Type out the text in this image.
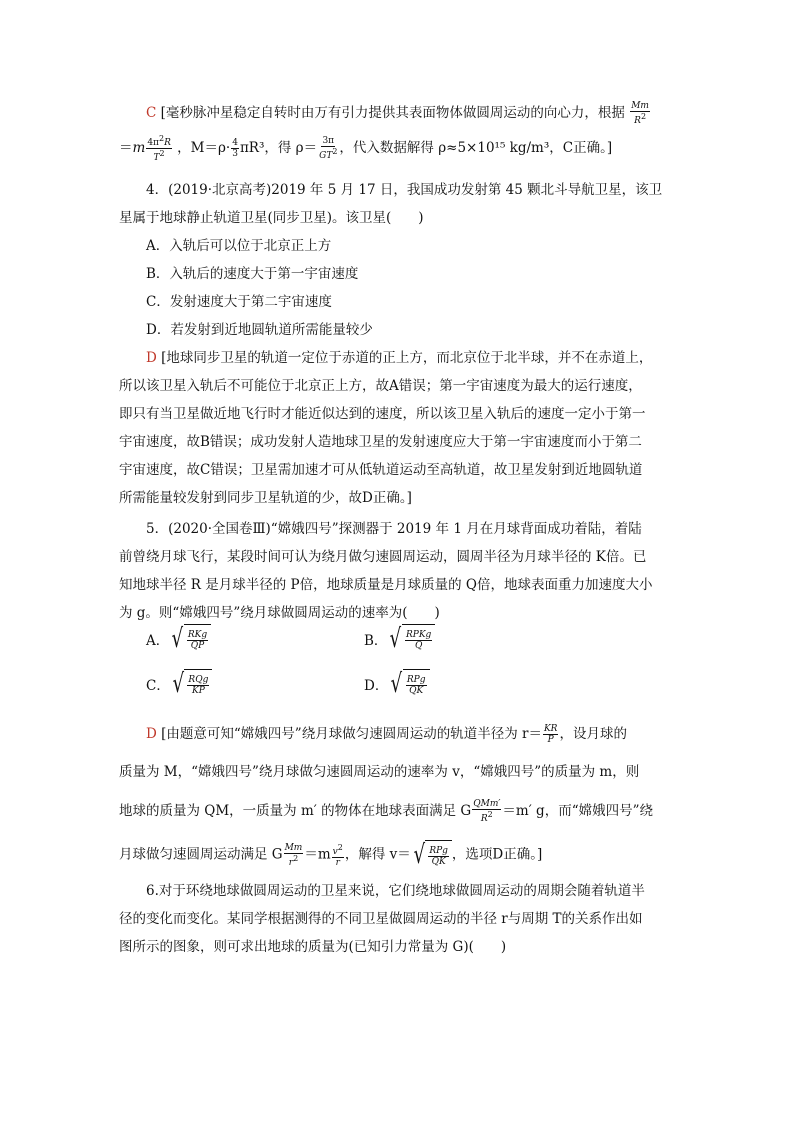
C [毫秒脉冲星稳定自转时由万有引力提供其表面物体做圆周运动的向心力，根据 $\frac{Mm}{R^2}$
$=m \frac{4\pi^2R}{T^2}$ ，$M=\rho\cdot \frac{4}{3} \pi R^3$，得 $\rho= \frac{3\pi}{GT^2}$ ，代入数据解得 ρ≈5×10¹⁵ kg/m³，C正确。]
4．(2019·北京高考)2019 年 5 月 17 日，我国成功发射第 45 颗北斗导航卫星，该卫
星属于地球静止轨道卫星(同步卫星)。该卫星(　　)
A．入轨后可以位于北京正上方
B．入轨后的速度大于第一宇宙速度
C．发射速度大于第二宇宙速度
D．若发射到近地圆轨道所需能量较少
D [地球同步卫星的轨道一定位于赤道的正上方，而北京位于北半球，并不在赤道上，
所以该卫星入轨后不可能位于北京正上方，故A错误；第一宇宙速度为最大的运行速度，
即只有当卫星做近地飞行时才能近似达到的速度，所以该卫星入轨后的速度一定小于第一
宇宙速度，故B错误；成功发射人造地球卫星的发射速度应大于第一宇宙速度而小于第二
宇宙速度，故C错误；卫星需加速才可从低轨道运动至高轨道，故卫星发射到近地圆轨道
所需能量较发射到同步卫星轨道的少，故D正确。]
5．(2020·全国卷Ⅲ)“嫦娥四号”探测器于 2019 年 1 月在月球背面成功着陆，着陆
前曾绕月球飞行，某段时间可认为绕月做匀速圆周运动，圆周半径为月球半径的 K倍。已
知地球半径 R 是月球半径的 P倍，地球质量是月球质量的 Q倍，地球表面重力加速度大小
为 g。则“嫦娥四号”绕月球做圆周运动的速率为(　　)
A． √ $\frac{\text{RKg}}{QP}$	B． √ $\frac{\text{RPKg}}{Q}$
C． √ $\frac{\text{RQg}}{KP}$	D． √ $\frac{\text{RPg}}{QK}$
D [由题意可知“嫦娥四号”绕月球做匀速圆周运动的轨道半径为 $r= \frac{KR}{P}$ ，设月球的
质量为 M，“嫦娥四号”绕月球做匀速圆周运动的速率为 v，“嫦娥四号”的质量为 m，则
地球的质量为 QM，一质量为 m′ 的物体在地球表面满足 G $\frac{\text{QMm′}}{R^2} =m'$ g，而“嫦娥四号”绕
月球做匀速圆周运动满足 G $\frac{Mm}{r^2} =m \frac{v^2}{r}$ ，解得 v＝ √ $\frac{\text{RPg}}{QK}$ ，选项D正确。]
6.对于环绕地球做圆周运动的卫星来说，它们绕地球做圆周运动的周期会随着轨道半
径的变化而变化。某同学根据测得的不同卫星做圆周运动的半径 r与周期 T的关系作出如
图所示的图象，则可求出地球的质量为(已知引力常量为 G)(　　)
